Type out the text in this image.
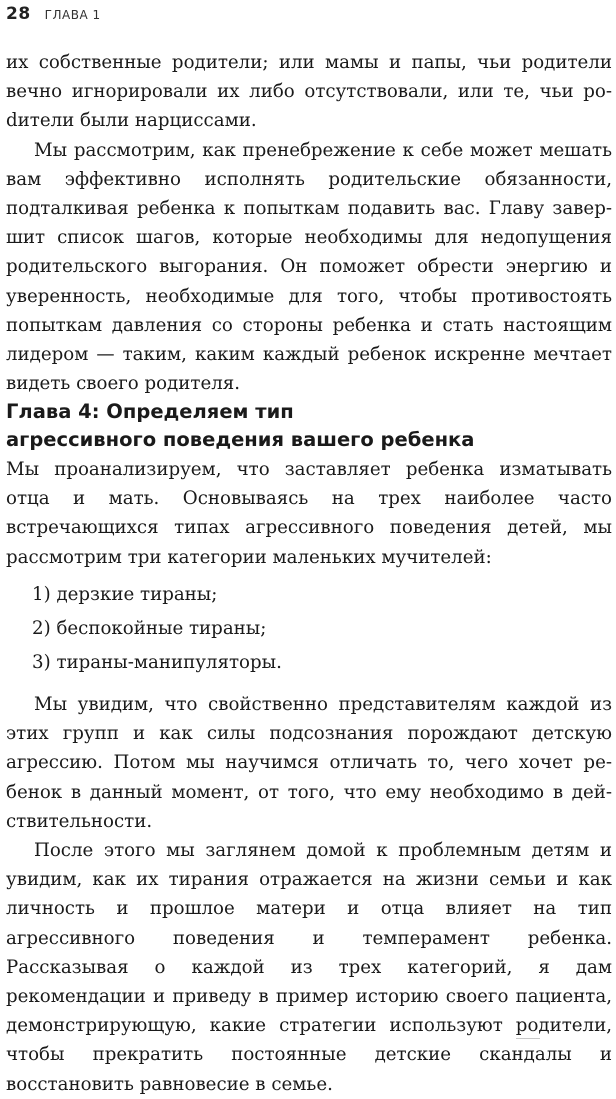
28 ГЛАВА 1

их собственные родители; или мамы и папы, чьи родители вечно игнорировали их либо отсутствовали, или те, чьи роdители были нарциссами.

Мы рассмотрим, как пренебрежение к себе может мешать вам эффективно исполнять родительские обязанности, подталкивая ребенка к попыткам подавить вас. Главу завершит список шагов, которые необходимы для недопущения родительского выгорания. Он поможет обрести энергию и уверенность, необходимые для того, чтобы противостоять попыткам давления со стороны ребенка и стать настоящим лидером — таким, каким каждый ребенок искренне мечтает видеть своего родителя.

Глава 4: Определяем тип
агрессивного поведения вашего ребенка

Мы проанализируем, что заставляет ребенка изматывать отца и мать. Основываясь на трех наиболее часто встречающихся типах агрессивного поведения детей, мы рассмотрим три категории маленьких мучителей:

1) дерзкие тираны;
2) беспокойные тираны;
3) тираны-манипуляторы.

Мы увидим, что свойственно представителям каждой из этих групп и как силы подсознания порождают детскую агрессию. Потом мы научимся отличать то, чего хочет ребенок в данный момент, от того, что ему необходимо в действительности.

После этого мы заглянем домой к проблемным детям и увидим, как их тирания отражается на жизни семьи и как личность и прошлое матери и отца влияет на тип агрессивного поведения и темперамент ребенка. Рассказывая о каждой из трех категорий, я дам рекомендации и приведу в пример историю своего пациента, демонстрирующую, какие стратегии используют родители, чтобы прекратить постоянные детские скандалы и восстановить равновесие в семье.
